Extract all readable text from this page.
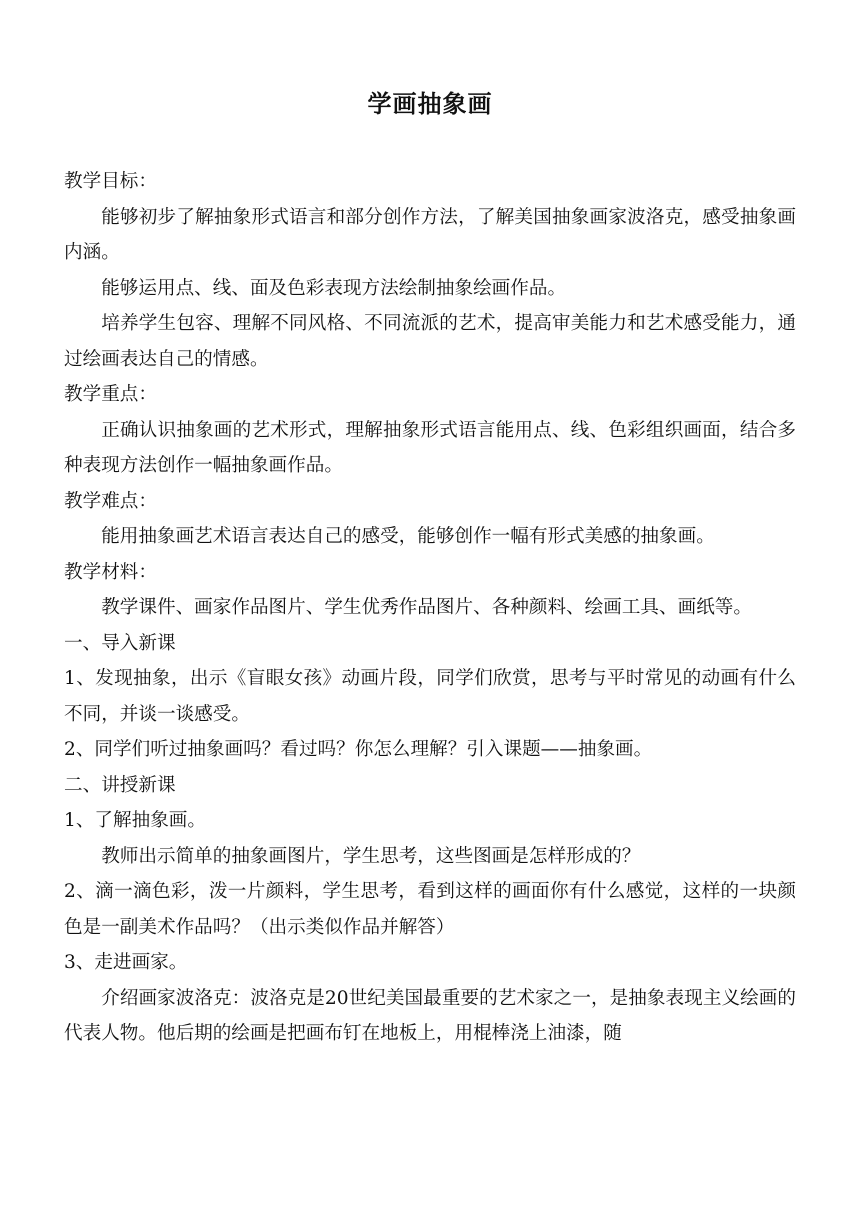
学画抽象画

教学目标：

能够初步了解抽象形式语言和部分创作方法，了解美国抽象画家波洛克，感受抽象画内涵。

能够运用点、线、面及色彩表现方法绘制抽象绘画作品。

培养学生包容、理解不同风格、不同流派的艺术，提高审美能力和艺术感受能力，通过绘画表达自己的情感。

教学重点：

正确认识抽象画的艺术形式，理解抽象形式语言能用点、线、色彩组织画面，结合多种表现方法创作一幅抽象画作品。

教学难点：

能用抽象画艺术语言表达自己的感受，能够创作一幅有形式美感的抽象画。

教学材料：

教学课件、画家作品图片、学生优秀作品图片、各种颜料、绘画工具、画纸等。

一、导入新课

1、发现抽象，出示《盲眼女孩》动画片段，同学们欣赏，思考与平时常见的动画有什么不同，并谈一谈感受。

2、同学们听过抽象画吗？看过吗？你怎么理解？引入课题——抽象画。

二、讲授新课

1、了解抽象画。

教师出示简单的抽象画图片，学生思考，这些图画是怎样形成的？

2、滴一滴色彩，泼一片颜料，学生思考，看到这样的画面你有什么感觉，这样的一块颜色是一副美术作品吗？（出示类似作品并解答）

3、走进画家。

介绍画家波洛克：波洛克是20世纪美国最重要的艺术家之一，是抽象表现主义绘画的代表人物。他后期的绘画是把画布钉在地板上，用棍棒浇上油漆，随
